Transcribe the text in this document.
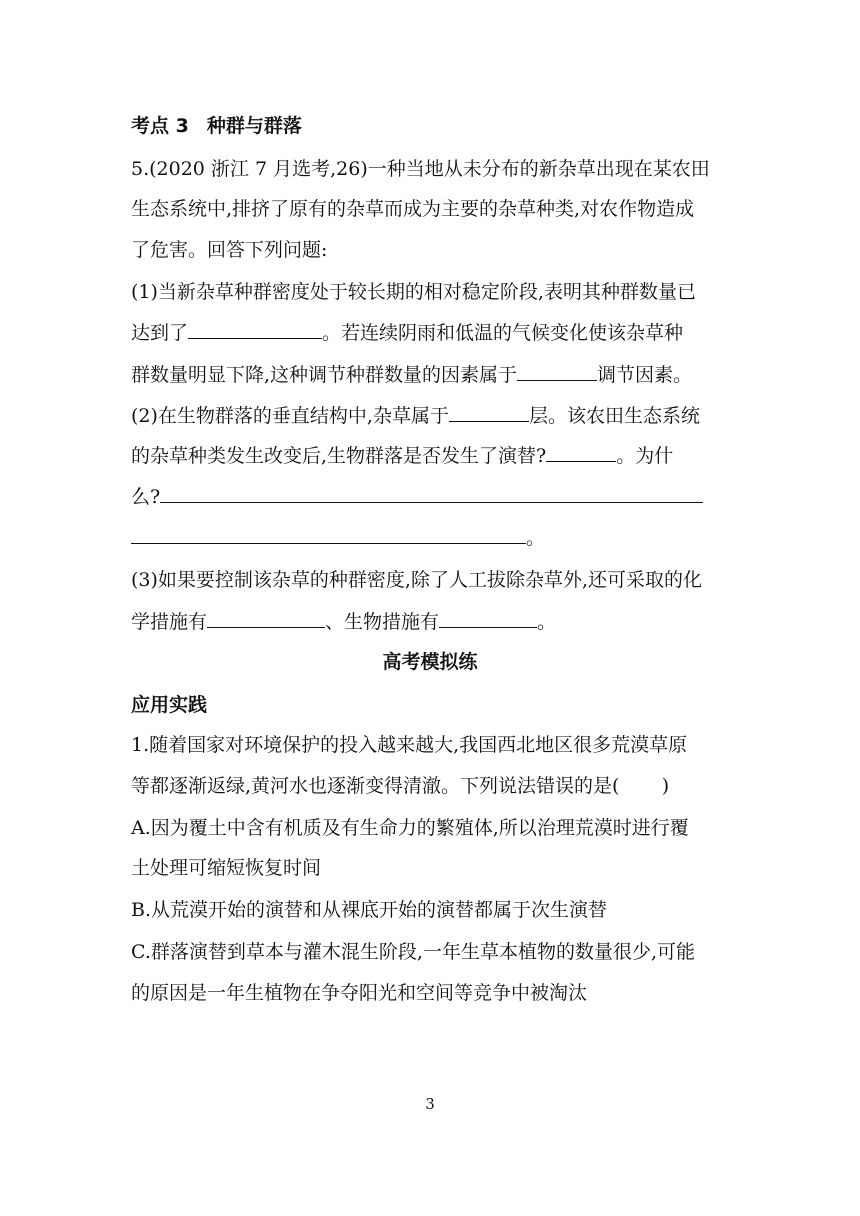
考点 3 种群与群落
5.(2020 浙江 7 月选考,26)一种当地从未分布的新杂草出现在某农田
生态系统中,排挤了原有的杂草而成为主要的杂草种类,对农作物造成
了危害。回答下列问题:
(1)当新杂草种群密度处于较长期的相对稳定阶段,表明其种群数量已
达到了	。若连续阴雨和低温的气候变化使该杂草种
群数量明显下降,这种调节种群数量的因素属于	调节因素。
(2)在生物群落的垂直结构中,杂草属于	层。该农田生态系统
的杂草种类发生改变后,生物群落是否发生了演替?	。为什
么?
。
(3)如果要控制该杂草的种群密度,除了人工拔除杂草外,还可采取的化
学措施有	、生物措施有	。
高考模拟练
应用实践
1.随着国家对环境保护的投入越来越大,我国西北地区很多荒漠草原
等都逐渐返绿,黄河水也逐渐变得清澈。下列说法错误的是(       )
A.因为覆土中含有机质及有生命力的繁殖体,所以治理荒漠时进行覆
土处理可缩短恢复时间
B.从荒漠开始的演替和从裸底开始的演替都属于次生演替
C.群落演替到草本与灌木混生阶段,一年生草本植物的数量很少,可能
的原因是一年生植物在争夺阳光和空间等竞争中被淘汰
3
